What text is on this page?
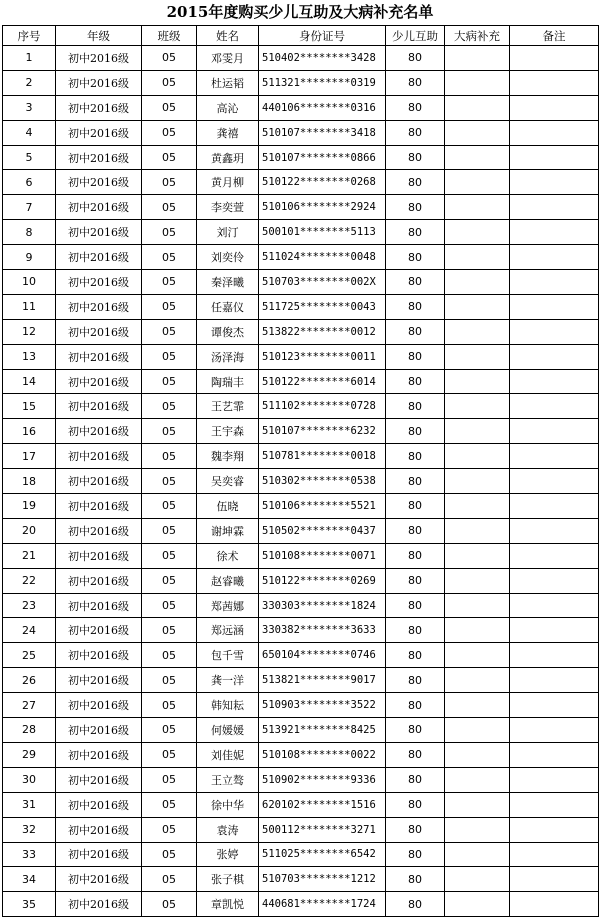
2015年度购买少儿互助及大病补充名单
序号	年级	班级	姓名	身份证号	少儿互助	大病补充	备注
1	初中2016级	05	邓雯月	510402********3428	80		
2	初中2016级	05	杜运韬	511321********0319	80		
3	初中2016级	05	高沁	440106********0316	80		
4	初中2016级	05	龚禧	510107********3418	80		
5	初中2016级	05	黄鑫玥	510107********0866	80		
6	初中2016级	05	黄月柳	510122********0268	80		
7	初中2016级	05	李奕萱	510106********2924	80		
8	初中2016级	05	刘汀	500101********5113	80		
9	初中2016级	05	刘奕伶	511024********0048	80		
10	初中2016级	05	秦泽曦	510703********002X	80		
11	初中2016级	05	任嘉仪	511725********0043	80		
12	初中2016级	05	谭俊杰	513822********0012	80		
13	初中2016级	05	汤泽海	510123********0011	80		
14	初中2016级	05	陶瑞丰	510122********6014	80		
15	初中2016级	05	王艺霏	511102********0728	80		
16	初中2016级	05	王宇森	510107********6232	80		
17	初中2016级	05	魏李翔	510781********0018	80		
18	初中2016级	05	吴奕睿	510302********0538	80		
19	初中2016级	05	伍晓	510106********5521	80		
20	初中2016级	05	谢坤霖	510502********0437	80		
21	初中2016级	05	徐术	510108********0071	80		
22	初中2016级	05	赵睿曦	510122********0269	80		
23	初中2016级	05	郑茜娜	330303********1824	80		
24	初中2016级	05	郑远涵	330382********3633	80		
25	初中2016级	05	包千雪	650104********0746	80		
26	初中2016级	05	龚一洋	513821********9017	80		
27	初中2016级	05	韩知耘	510903********3522	80		
28	初中2016级	05	何媛媛	513921********8425	80		
29	初中2016级	05	刘佳妮	510108********0022	80		
30	初中2016级	05	王立骜	510902********9336	80		
31	初中2016级	05	徐中华	620102********1516	80		
32	初中2016级	05	袁涛	500112********3271	80		
33	初中2016级	05	张婷	511025********6542	80		
34	初中2016级	05	张子棋	510703********1212	80		
35	初中2016级	05	章凯悦	440681********1724	80		
